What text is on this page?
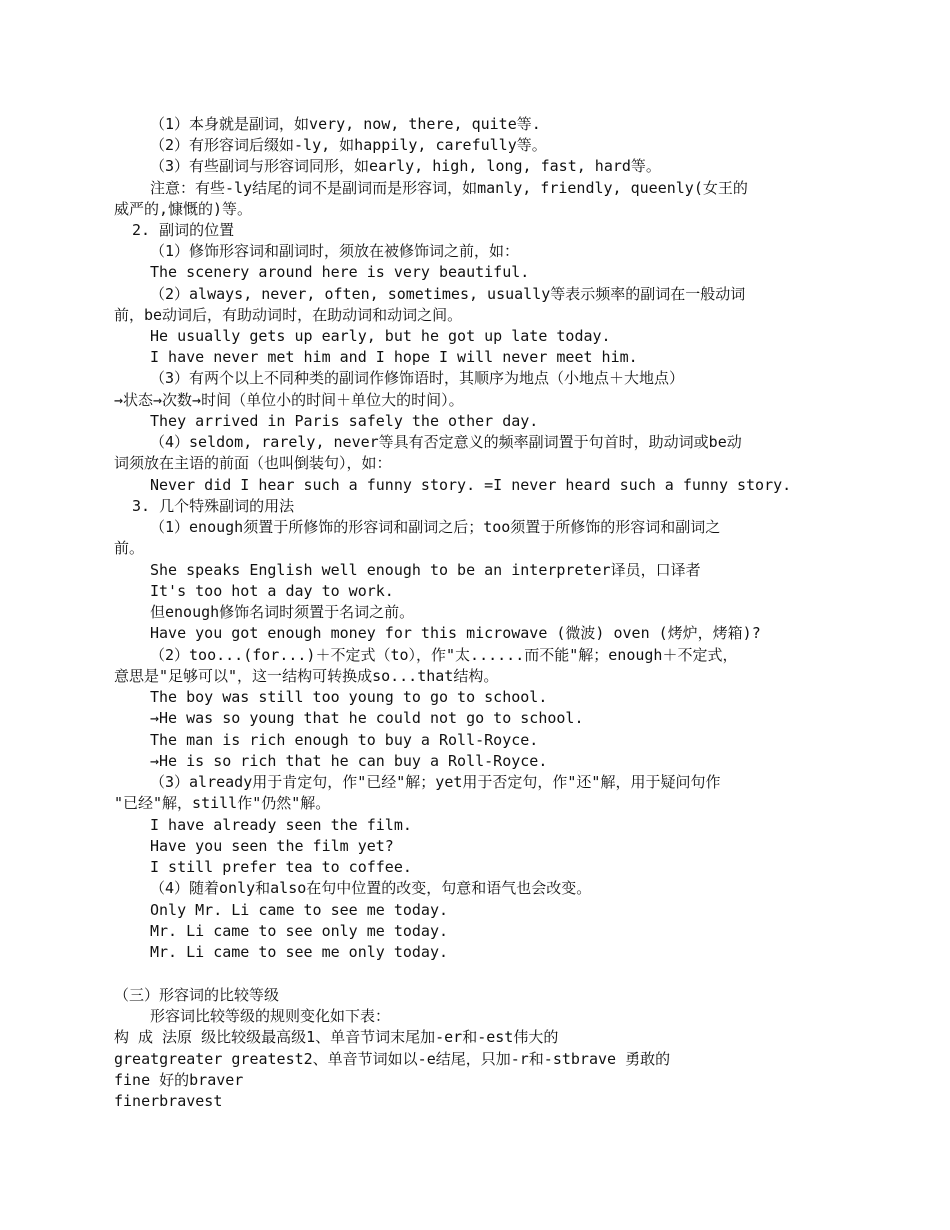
（1）本身就是副词，如very, now, there, quite等.
（2）有形容词后缀如-ly, 如happily, carefully等。
（3）有些副词与形容词同形，如early, high, long, fast, hard等。
注意：有些-ly结尾的词不是副词而是形容词，如manly, friendly, queenly(女王的
威严的,慷慨的)等。
2. 副词的位置
（1）修饰形容词和副词时，须放在被修饰词之前，如：
The scenery around here is very beautiful.
（2）always, never, often, sometimes, usually等表示频率的副词在一般动词
前，be动词后，有助动词时，在助动词和动词之间。
He usually gets up early, but he got up late today.
I have never met him and I hope I will never meet him.
（3）有两个以上不同种类的副词作修饰语时，其顺序为地点（小地点＋大地点）
→状态→次数→时间（单位小的时间＋单位大的时间）。
They arrived in Paris safely the other day.
（4）seldom, rarely, never等具有否定意义的频率副词置于句首时，助动词或be动
词须放在主语的前面（也叫倒装句），如：
Never did I hear such a funny story. =I never heard such a funny story.
3. 几个特殊副词的用法
（1）enough须置于所修饰的形容词和副词之后；too须置于所修饰的形容词和副词之
前。
She speaks English well enough to be an interpreter译员，口译者
It's too hot a day to work.
但enough修饰名词时须置于名词之前。
Have you got enough money for this microwave (微波) oven (烤炉，烤箱)?
（2）too...(for...)＋不定式（to），作"太......而不能"解；enough＋不定式，
意思是"足够可以"，这一结构可转换成so...that结构。
The boy was still too young to go to school.
→He was so young that he could not go to school.
The man is rich enough to buy a Roll-Royce.
→He is so rich that he can buy a Roll-Royce.
（3）already用于肯定句，作"已经"解；yet用于否定句，作"还"解，用于疑问句作
"已经"解，still作"仍然"解。
I have already seen the film.
Have you seen the film yet?
I still prefer tea to coffee.
（4）随着only和also在句中位置的改变，句意和语气也会改变。
Only Mr. Li came to see me today.
Mr. Li came to see only me today.
Mr. Li came to see me only today.
（三）形容词的比较等级
形容词比较等级的规则变化如下表：
构 成 法原 级比较级最高级1、单音节词末尾加-er和-est伟大的
greatgreater greatest2、单音节词如以-e结尾，只加-r和-stbrave 勇敢的
fine 好的braver
finerbravest
